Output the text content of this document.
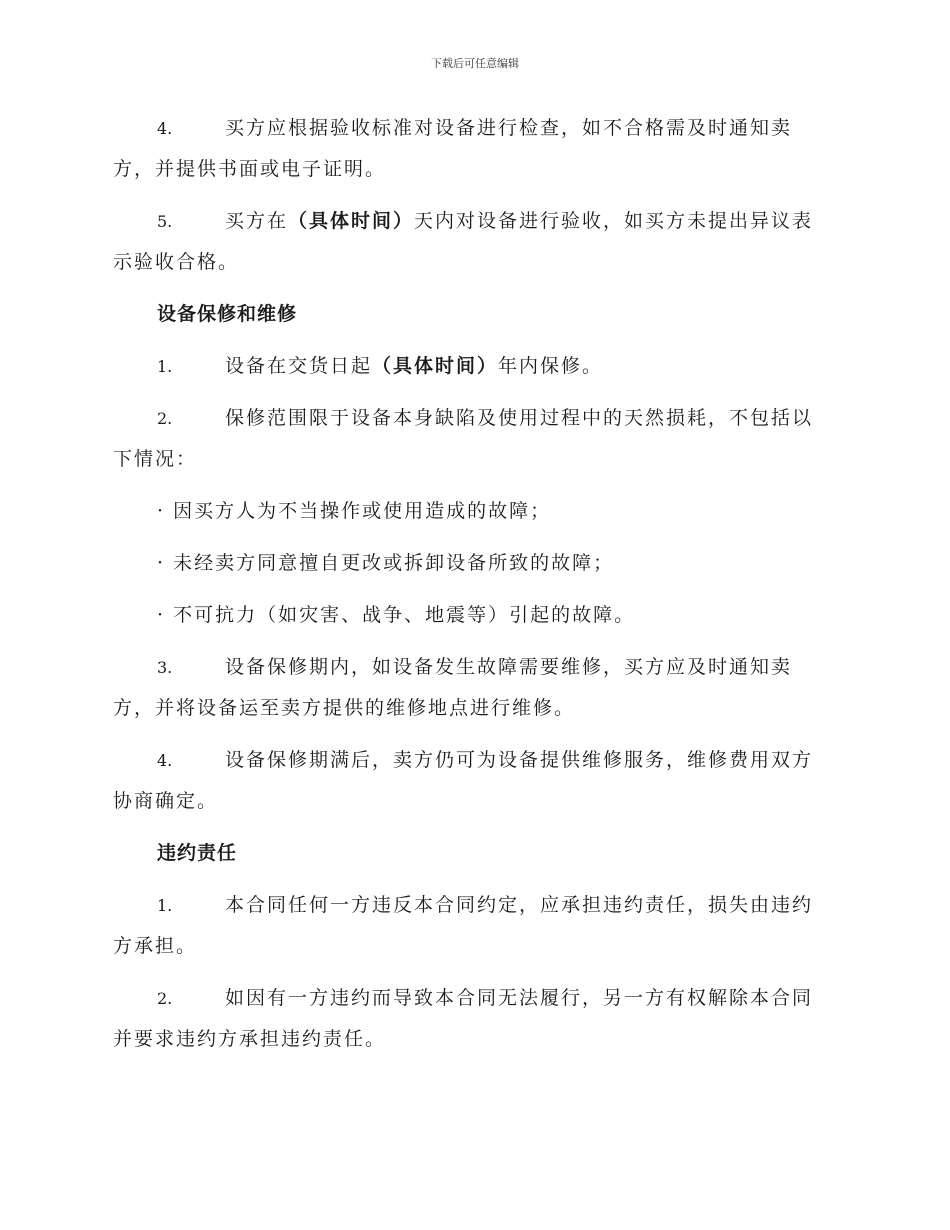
下载后可任意编辑
4.	买方应根据验收标准对设备进行检查，如不合格需及时通知卖方，并提供书面或电子证明。
5.	买方在（具体时间）天内对设备进行验收，如买方未提出异议表示验收合格。
设备保修和维修
1.	设备在交货日起（具体时间）年内保修。
2.	保修范围限于设备本身缺陷及使用过程中的天然损耗，不包括以下情况：
· 因买方人为不当操作或使用造成的故障；
· 未经卖方同意擅自更改或拆卸设备所致的故障；
· 不可抗力（如灾害、战争、地震等）引起的故障。
3.	设备保修期内，如设备发生故障需要维修，买方应及时通知卖方，并将设备运至卖方提供的维修地点进行维修。
4.	设备保修期满后，卖方仍可为设备提供维修服务，维修费用双方协商确定。
违约责任
1.	本合同任何一方违反本合同约定，应承担违约责任，损失由违约方承担。
2.	如因有一方违约而导致本合同无法履行，另一方有权解除本合同并要求违约方承担违约责任。
